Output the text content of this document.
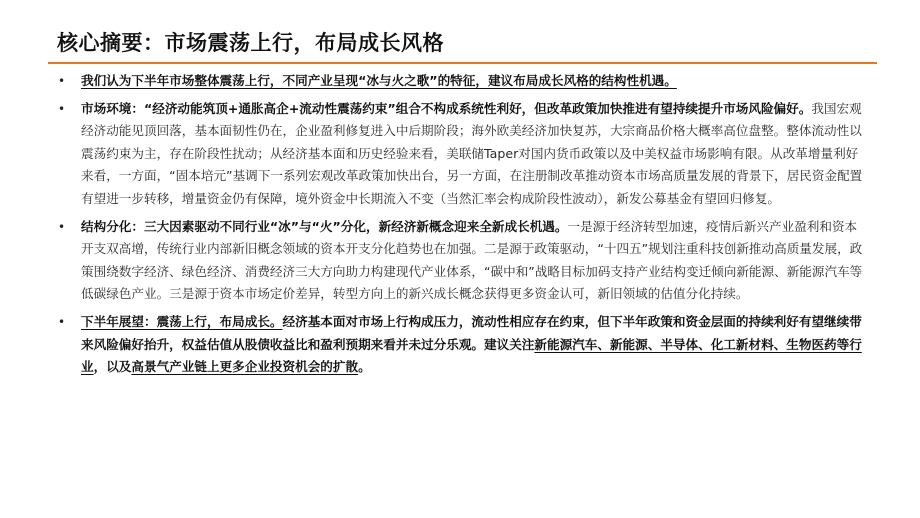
核心摘要：市场震荡上行，布局成长风格
• 我们认为下半年市场整体震荡上行，不同产业呈现“冰与火之歌”的特征，建议布局成长风格的结构性机遇。

• 市场环境：“经济动能筑顶+通胀高企+流动性震荡约束”组合不构成系统性利好，但改革政策加快推进有望持续提升市场风险偏好。我国宏观经济动能见顶回落，基本面韧性仍在，企业盈利修复进入中后期阶段；海外欧美经济加快复苏，大宗商品价格大概率高位盘整。整体流动性以震荡约束为主，存在阶段性扰动；从经济基本面和历史经验来看，美联储Taper对国内货币政策以及中美权益市场影响有限。从改革增量利好来看，一方面，“固本培元”基调下一系列宏观改革政策加快出台，另一方面，在注册制改革推动资本市场高质量发展的背景下，居民资金配置有望进一步转移，增量资金仍有保障，境外资金中长期流入不变（当然汇率会构成阶段性波动），新发公募基金有望回归修复。

• 结构分化：三大因素驱动不同行业“冰”与“火”分化，新经济新概念迎来全新成长机遇。一是源于经济转型加速，疫情后新兴产业盈利和资本开支双高增，传统行业内部新旧概念领域的资本开支分化趋势也在加强。二是源于政策驱动，“十四五”规划注重科技创新推动高质量发展，政策围绕数字经济、绿色经济、消费经济三大方向助力构建现代产业体系，“碳中和”战略目标加码支持产业结构变迁倾向新能源、新能源汽车等低碳绿色产业。三是源于资本市场定价差异，转型方向上的新兴成长概念获得更多资金认可，新旧领域的估值分化持续。

• 下半年展望：震荡上行，布局成长。经济基本面对市场上行构成压力，流动性相应存在约束，但下半年政策和资金层面的持续利好有望继续带来风险偏好抬升，权益估值从股债收益比和盈利预期来看并未过分乐观。建议关注新能源汽车、新能源、半导体、化工新材料、生物医药等行业，以及高景气产业链上更多企业投资机会的扩散。
